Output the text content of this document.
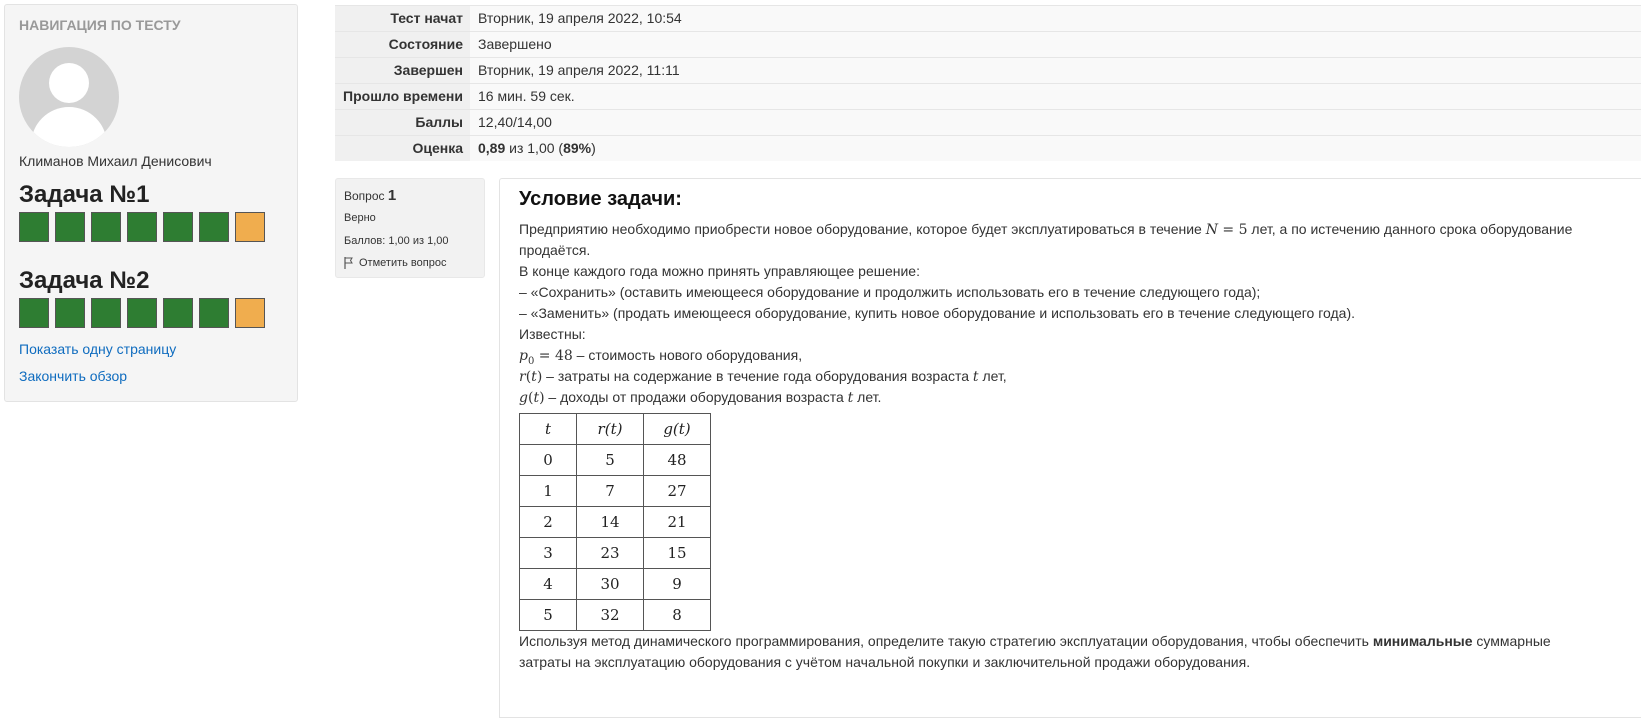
НАВИГАЦИЯ ПО ТЕСТУ
Климанов Михаил Денисович
Задача №1
Задача №2
Показать одну страницу
Закончить обзор
Тест начат	Вторник, 19 апреля 2022, 10:54
Состояние	Завершено
Завершен	Вторник, 19 апреля 2022, 11:11
Прошло времени	16 мин. 59 сек.
Баллы	12,40/14,00
Оценка	0,89 из 1,00 (89%)
Вопрос 1
Верно
Баллов: 1,00 из 1,00
Отметить вопрос
Условие задачи:
Предприятию необходимо приобрести новое оборудование, которое будет эксплуатироваться в течение N = 5 лет, а по истечению данного срока оборудование
продаётся.
В конце каждого года можно принять управляющее решение:
– «Сохранить» (оставить имеющееся оборудование и продолжить использовать его в течение следующего года);
– «Заменить» (продать имеющееся оборудование, купить новое оборудование и использовать его в течение следующего года).
Известны:
$p_0 = 48$ – стоимость нового оборудования,
r(t) – затраты на содержание в течение года оборудования возраста t лет,
g(t) – доходы от продажи оборудования возраста t лет.
t	r(t)	g(t)
0	5	48
1	7	27
2	14	21
3	23	15
4	30	9
5	32	8
Используя метод динамического программирования, определите такую стратегию эксплуатации оборудования, чтобы обеспечить минимальные суммарные
затраты на эксплуатацию оборудования с учётом начальной покупки и заключительной продажи оборудования.
